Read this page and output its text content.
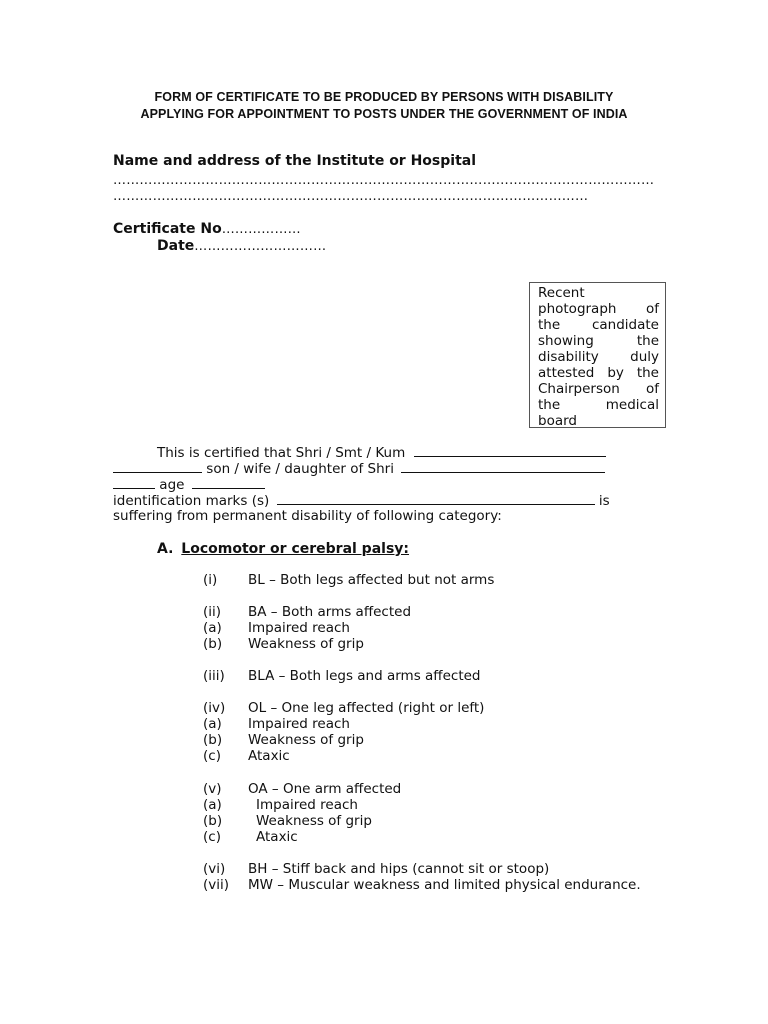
FORM OF CERTIFICATE TO BE PRODUCED BY PERSONS WITH DISABILITY
APPLYING FOR APPOINTMENT TO POSTS UNDER THE GOVERNMENT OF INDIA
Name and address of the Institute or Hospital
……………………………………………………………………………………………………………
………………………………………………………………………………………………
Certificate No………………
Date…………………………
Recent
photograph of
the candidate
showing the
disability duly
attested by the
Chairperson of
the medical
board
This is certified that Shri / Smt / Kum
son / wife / daughter of Shri
age
identification marks (s)	is
suffering from permanent disability of following category:
A. Locomotor or cerebral palsy:
(i) BL – Both legs affected but not arms
(ii) BA – Both arms affected
(a) Impaired reach
(b) Weakness of grip
(iii) BLA – Both legs and arms affected
(iv) OL – One leg affected (right or left)
(a) Impaired reach
(b) Weakness of grip
(c) Ataxic
(v) OA – One arm affected
(a)	Impaired reach
(b)	Weakness of grip
(c)	Ataxic
(vi) BH – Stiff back and hips (cannot sit or stoop)
(vii) MW – Muscular weakness and limited physical endurance.
